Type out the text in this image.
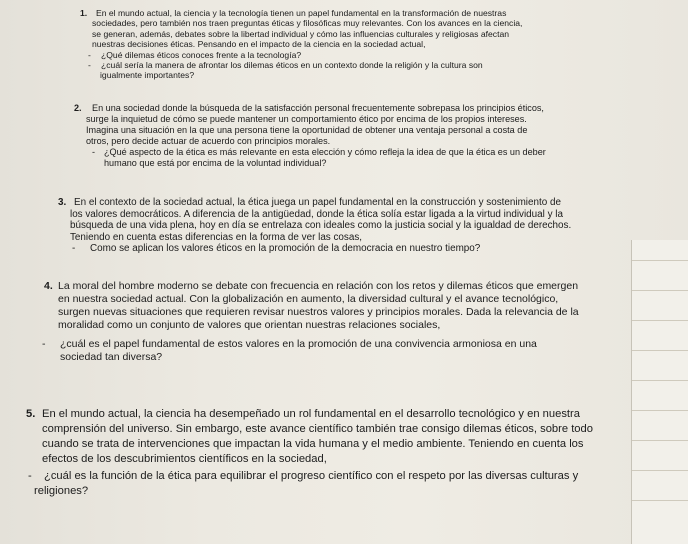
1. En el mundo actual, la ciencia y la tecnología tienen un papel fundamental en la transformación de nuestras
sociedades, pero también nos traen preguntas éticas y filosóficas muy relevantes. Con los avances en la ciencia,
se generan, además, debates sobre la libertad individual y cómo las influencias culturales y religiosas afectan
nuestras decisiones éticas. Pensando en el impacto de la ciencia en la sociedad actual,
- ¿Qué dilemas éticos conoces frente a la tecnología?
- ¿cuál sería la manera de afrontar los dilemas éticos en un contexto donde la religión y la cultura son
igualmente importantes?
2. En una sociedad donde la búsqueda de la satisfacción personal frecuentemente sobrepasa los principios éticos,
surge la inquietud de cómo se puede mantener un comportamiento ético por encima de los propios intereses.
Imagina una situación en la que una persona tiene la oportunidad de obtener una ventaja personal a costa de
otros, pero decide actuar de acuerdo con principios morales.
- ¿Qué aspecto de la ética es más relevante en esta elección y cómo refleja la idea de que la ética es un deber
humano que está por encima de la voluntad individual?
3. En el contexto de la sociedad actual, la ética juega un papel fundamental en la construcción y sostenimiento de
los valores democráticos. A diferencia de la antigüedad, donde la ética solía estar ligada a la virtud individual y la
búsqueda de una vida plena, hoy en día se entrelaza con ideales como la justicia social y la igualdad de derechos.
Teniendo en cuenta estas diferencias en la forma de ver las cosas,
- Como se aplican los valores éticos en la promoción de la democracia en nuestro tiempo?
4. La moral del hombre moderno se debate con frecuencia en relación con los retos y dilemas éticos que emergen
en nuestra sociedad actual. Con la globalización en aumento, la diversidad cultural y el avance tecnológico,
surgen nuevas situaciones que requieren revisar nuestros valores y principios morales. Dada la relevancia de la
moralidad como un conjunto de valores que orientan nuestras relaciones sociales,
- ¿cuál es el papel fundamental de estos valores en la promoción de una convivencia armoniosa en una
sociedad tan diversa?
5. En el mundo actual, la ciencia ha desempeñado un rol fundamental en el desarrollo tecnológico y en nuestra
comprensión del universo. Sin embargo, este avance científico también trae consigo dilemas éticos, sobre todo
cuando se trata de intervenciones que impactan la vida humana y el medio ambiente. Teniendo en cuenta los
efectos de los descubrimientos científicos en la sociedad,
- ¿cuál es la función de la ética para equilibrar el progreso científico con el respeto por las diversas culturas y
religiones?
